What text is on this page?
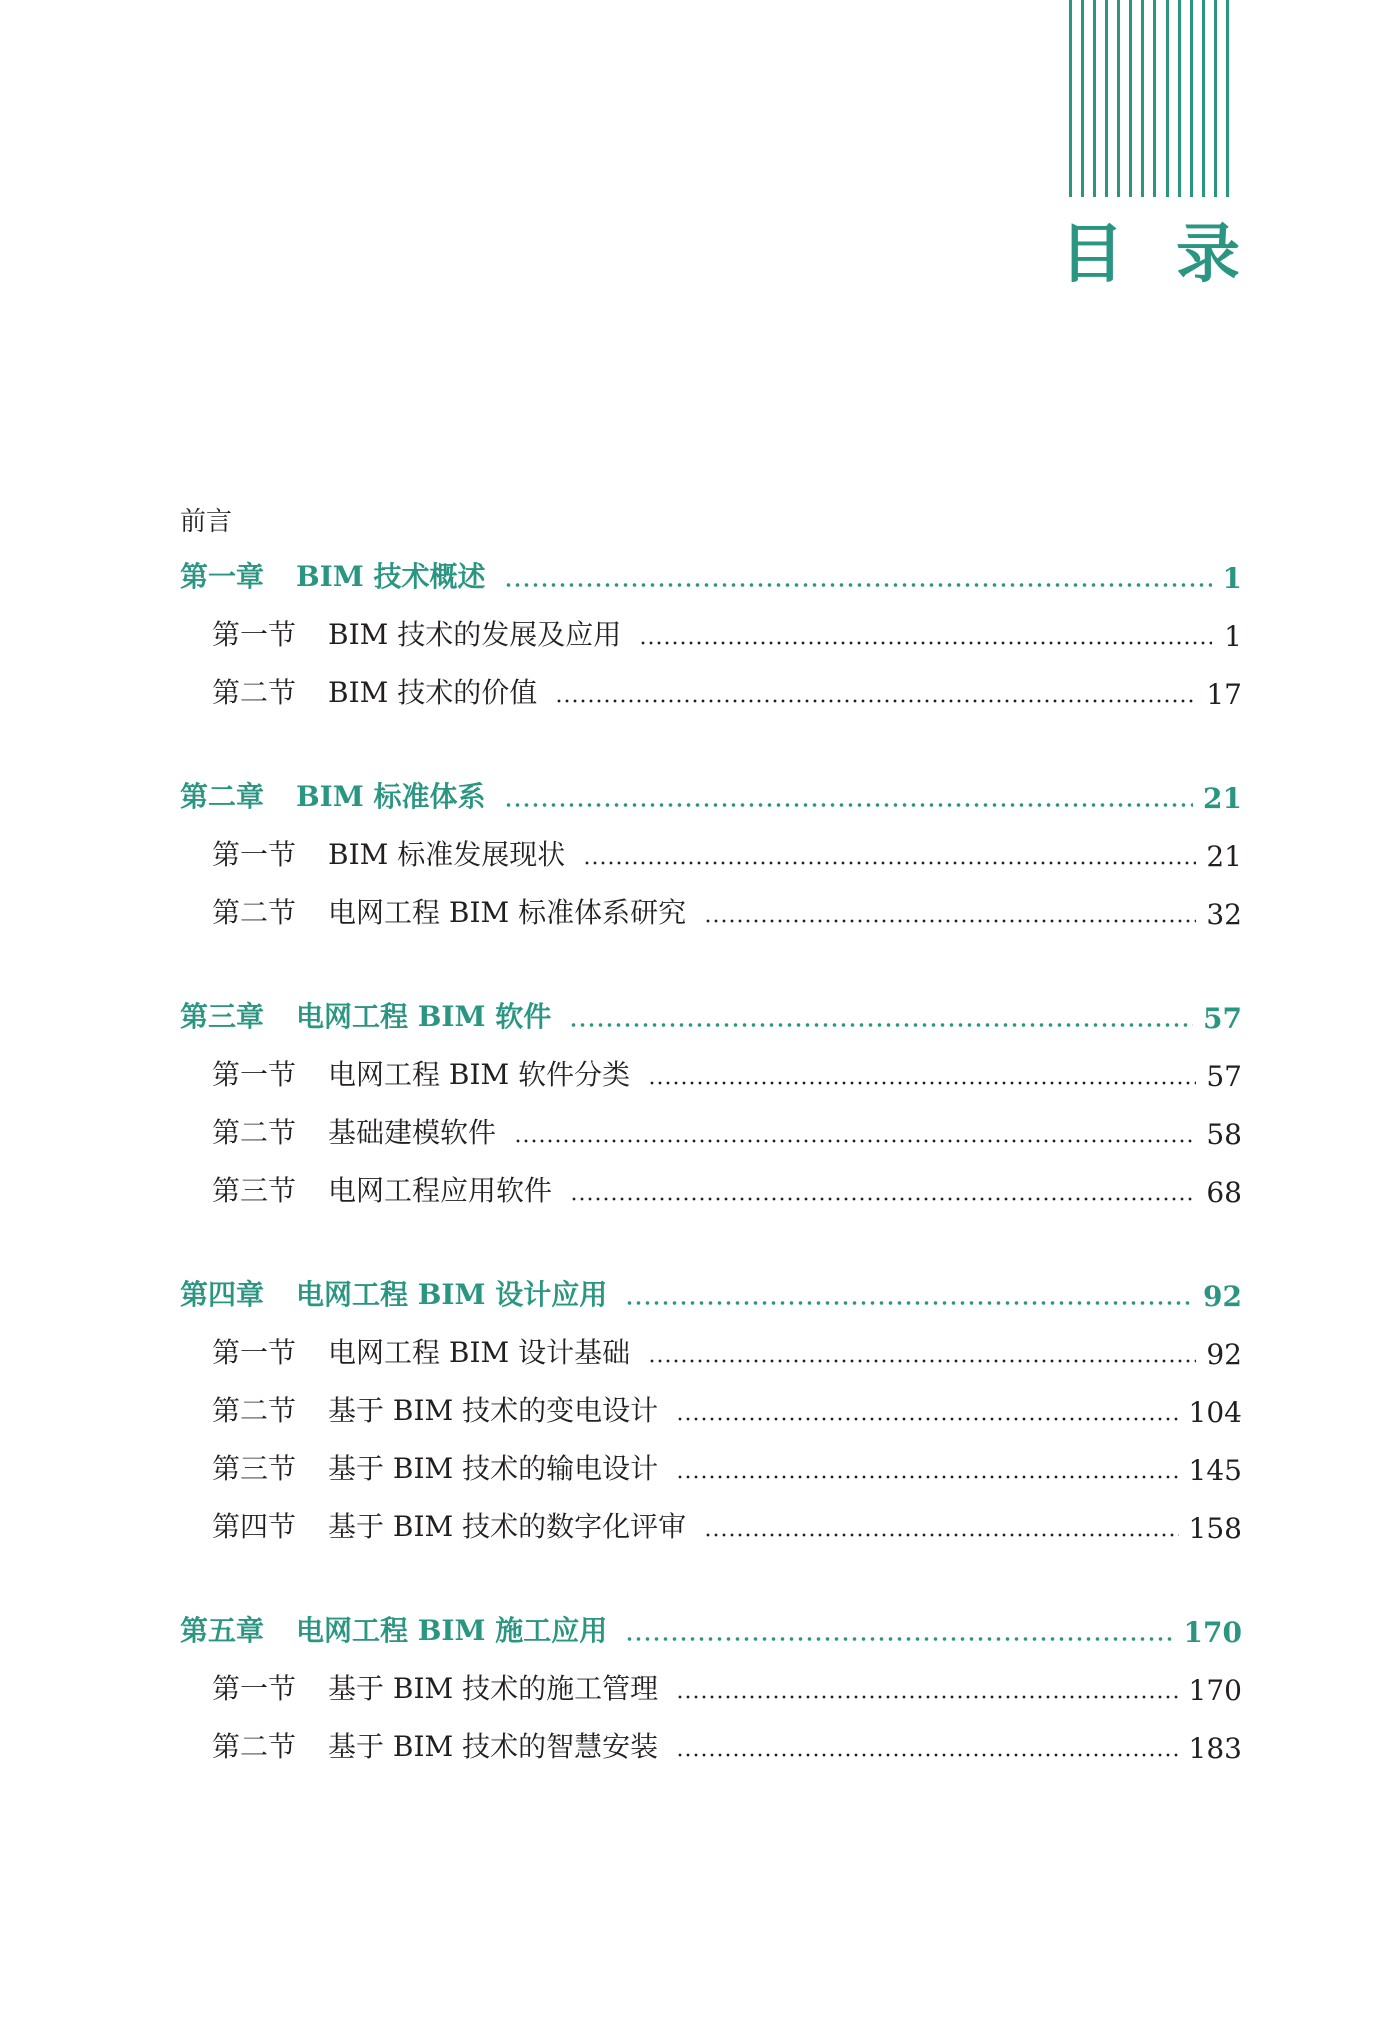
目录
前言
第一章 BIM 技术概述	1
第一节 BIM 技术的发展及应用	1
第二节 BIM 技术的价值	17
第二章 BIM 标准体系	21
第一节 BIM 标准发展现状	21
第二节 电网工程 BIM 标准体系研究	32
第三章 电网工程 BIM 软件	57
第一节 电网工程 BIM 软件分类	57
第二节 基础建模软件	58
第三节 电网工程应用软件	68
第四章 电网工程 BIM 设计应用	92
第一节 电网工程 BIM 设计基础	92
第二节 基于 BIM 技术的变电设计	104
第三节 基于 BIM 技术的输电设计	145
第四节 基于 BIM 技术的数字化评审	158
第五章 电网工程 BIM 施工应用	170
第一节 基于 BIM 技术的施工管理	170
第二节 基于 BIM 技术的智慧安装	183
